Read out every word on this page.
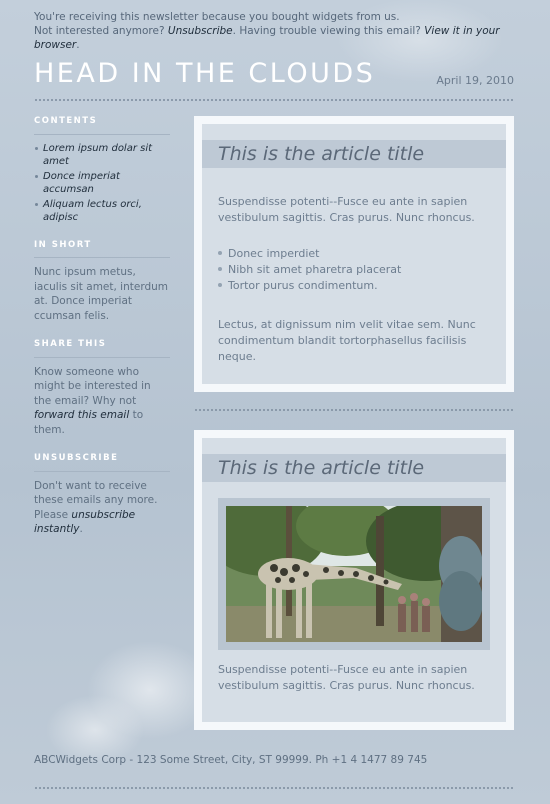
You're receiving this newsletter because you bought widgets from us.
Not interested anymore? Unsubscribe. Having trouble viewing this email? View it in your browser.
HEAD IN THE CLOUDS	April 19, 2010
CONTENTS
Lorem ipsum dolar sit amet
Donce imperiat accumsan
Aliquam lectus orci, adipisc
IN SHORT

Nunc ipsum metus, iaculis sit amet, interdum at. Donce imperiat ccumsan felis.

SHARE THIS

Know someone who might be interested in the email? Why not forward this email to them.

UNSUBSCRIBE

Don't want to receive these emails any more. Please unsubscribe instantly.

This is the article title
Suspendisse potenti--Fusce eu ante in sapien vestibulum sagittis. Cras purus. Nunc rhoncus.
Donec imperdiet
Nibh sit amet pharetra placerat
Tortor purus condimentum.
Lectus, at dignissum nim velit vitae sem. Nunc condimentum blandit tortorphasellus facilisis neque.
This is the article title
Suspendisse potenti--Fusce eu ante in sapien vestibulum sagittis. Cras purus. Nunc rhoncus.
ABCWidgets Corp - 123 Some Street, City, ST 99999. Ph +1 4 1477 89 745
